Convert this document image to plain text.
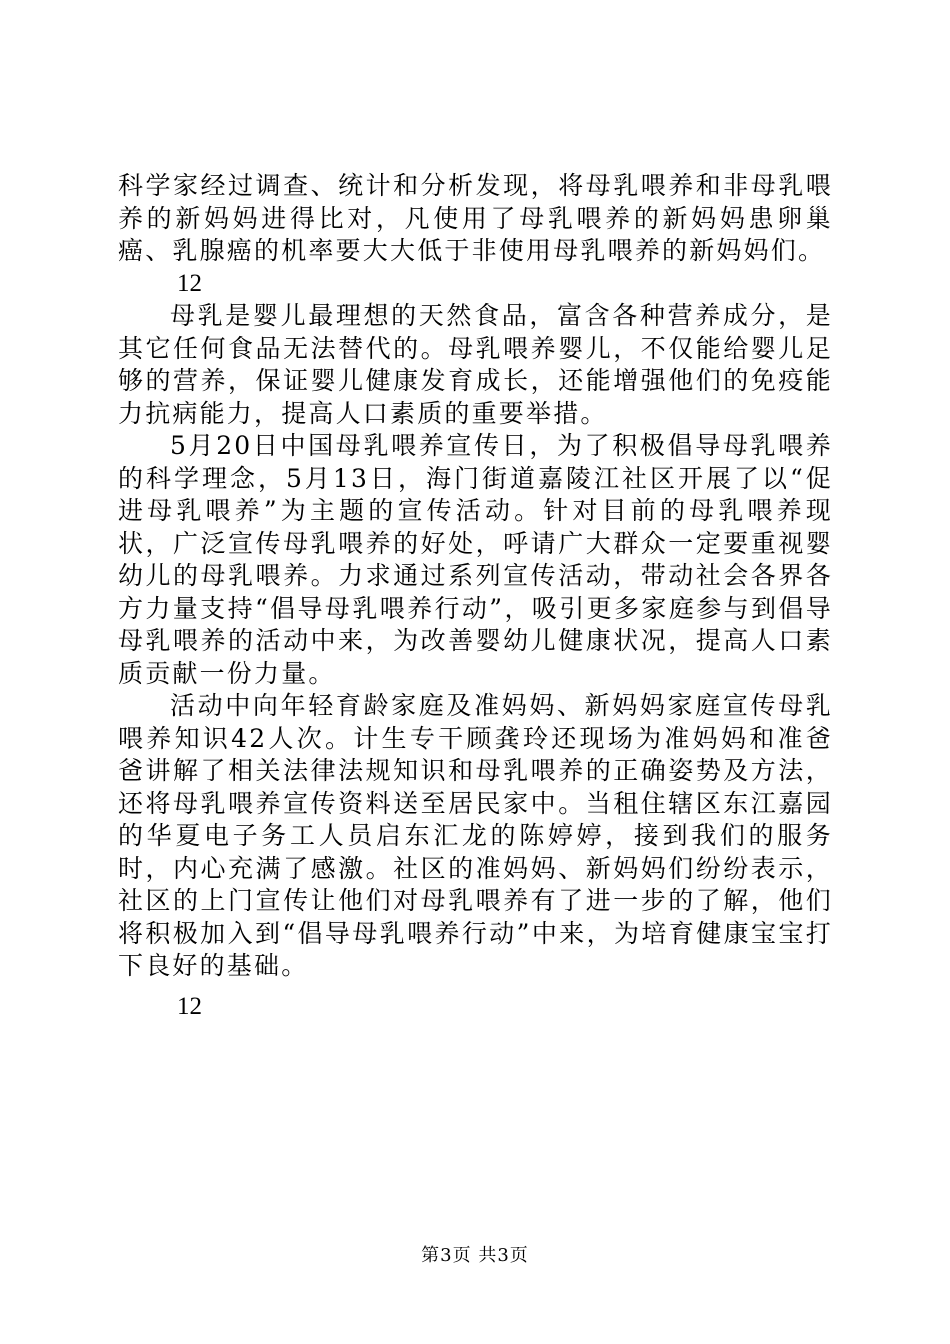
科学家经过调查、统计和分析发现，将母乳喂养和非母乳喂养的新妈妈进得比对，凡使用了母乳喂养的新妈妈患卵巢癌、乳腺癌的机率要大大低于非使用母乳喂养的新妈妈们。

12

母乳是婴儿最理想的天然食品，富含各种营养成分，是其它任何食品无法替代的。母乳喂养婴儿，不仅能给婴儿足够的营养，保证婴儿健康发育成长，还能增强他们的免疫能力抗病能力，提高人口素质的重要举措。

5月20日中国母乳喂养宣传日，为了积极倡导母乳喂养的科学理念，5月13日，海门街道嘉陵江社区开展了以“促进母乳喂养”为主题的宣传活动。针对目前的母乳喂养现状，广泛宣传母乳喂养的好处，呼请广大群众一定要重视婴幼儿的母乳喂养。力求通过系列宣传活动，带动社会各界各方力量支持“倡导母乳喂养行动”，吸引更多家庭参与到倡导母乳喂养的活动中来，为改善婴幼儿健康状况，提高人口素质贡献一份力量。

活动中向年轻育龄家庭及准妈妈、新妈妈家庭宣传母乳喂养知识42人次。计生专干顾龚玲还现场为准妈妈和准爸爸讲解了相关法律法规知识和母乳喂养的正确姿势及方法，还将母乳喂养宣传资料送至居民家中。当租住辖区东江嘉园的华夏电子务工人员启东汇龙的陈婷婷，接到我们的服务时，内心充满了感激。社区的准妈妈、新妈妈们纷纷表示，社区的上门宣传让他们对母乳喂养有了进一步的了解，他们将积极加入到“倡导母乳喂养行动”中来，为培育健康宝宝打下良好的基础。

12

第3页 共3页
